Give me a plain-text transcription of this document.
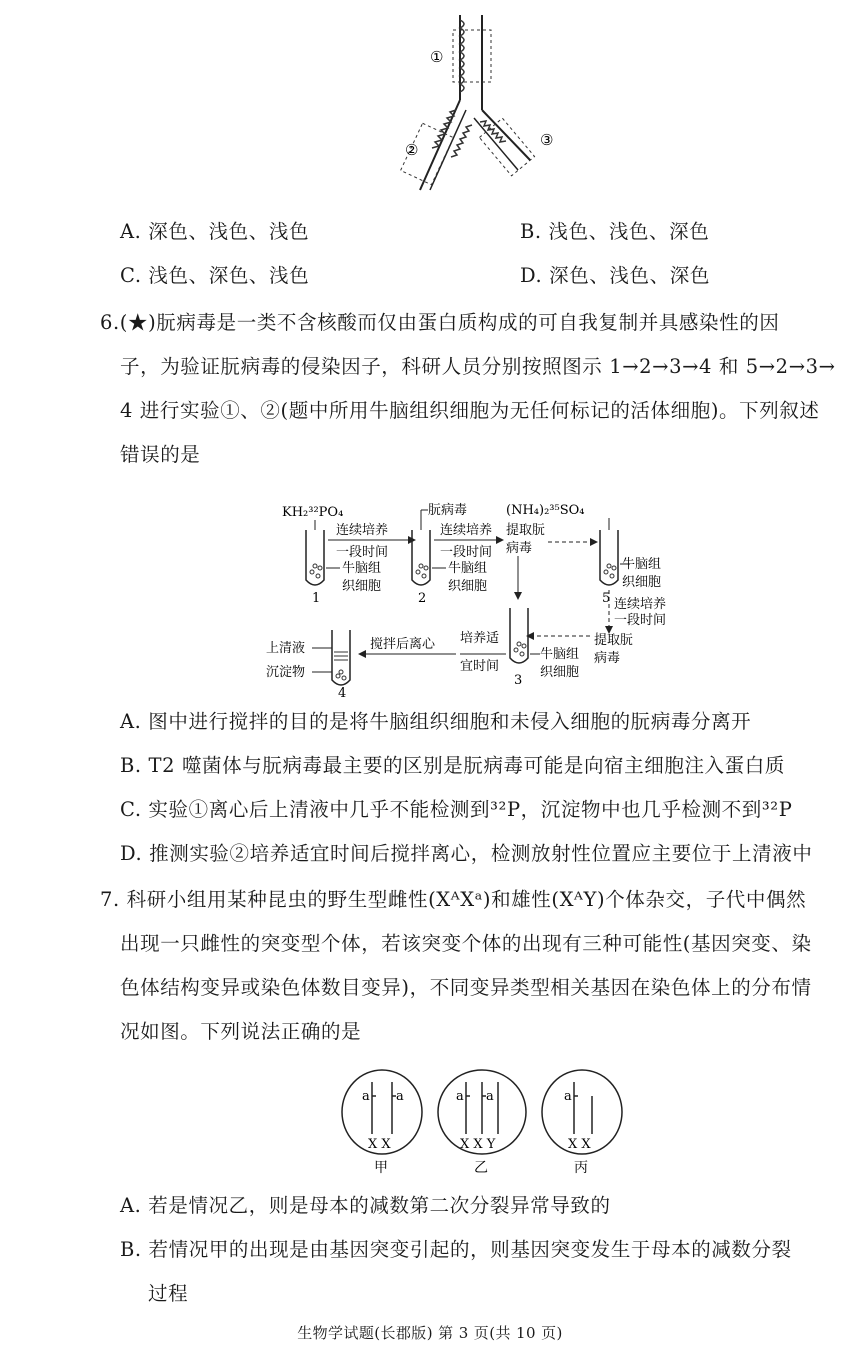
①
②
③
A. 深色、浅色、浅色	B. 浅色、浅色、深色
C. 浅色、深色、浅色	D. 深色、浅色、深色
6.(★)朊病毒是一类不含核酸而仅由蛋白质构成的可自我复制并具感染性的因
子，为验证朊病毒的侵染因子，科研人员分别按照图示 1→2→3→4 和 5→2→3→
4 进行实验①、②(题中所用牛脑组织细胞为无任何标记的活体细胞)。下列叙述
错误的是
KH₂³²PO₄
1
连续培养
一段时间
牛脑组
织细胞
朊病毒
2
连续培养
一段时间
牛脑组
织细胞
(NH₄)₂³⁵SO₄
提取朊
病毒
牛脑组
织细胞
5 连续培养
一段时间
提取朊
病毒
牛脑组
织细胞
3
培养适
宜时间
搅拌后离心
上清液
沉淀物
4
A. 图中进行搅拌的目的是将牛脑组织细胞和未侵入细胞的朊病毒分离开
B. T2 噬菌体与朊病毒最主要的区别是朊病毒可能是向宿主细胞注入蛋白质
C. 实验①离心后上清液中几乎不能检测到³²P，沉淀物中也几乎检测不到³²P
D. 推测实验②培养适宜时间后搅拌离心，检测放射性位置应主要位于上清液中
7. 科研小组用某种昆虫的野生型雌性(XᴬXᵃ)和雄性(XᴬY)个体杂交，子代中偶然
出现一只雌性的突变型个体，若该突变个体的出现有三种可能性(基因突变、染
色体结构变异或染色体数目变异)，不同变异类型相关基因在染色体上的分布情
况如图。下列说法正确的是
a a
X X
甲
a a
X X Y
乙
a
X X
丙
A. 若是情况乙，则是母本的减数第二次分裂异常导致的
B. 若情况甲的出现是由基因突变引起的，则基因突变发生于母本的减数分裂
过程
生物学试题(长郡版) 第 3 页(共 10 页)
